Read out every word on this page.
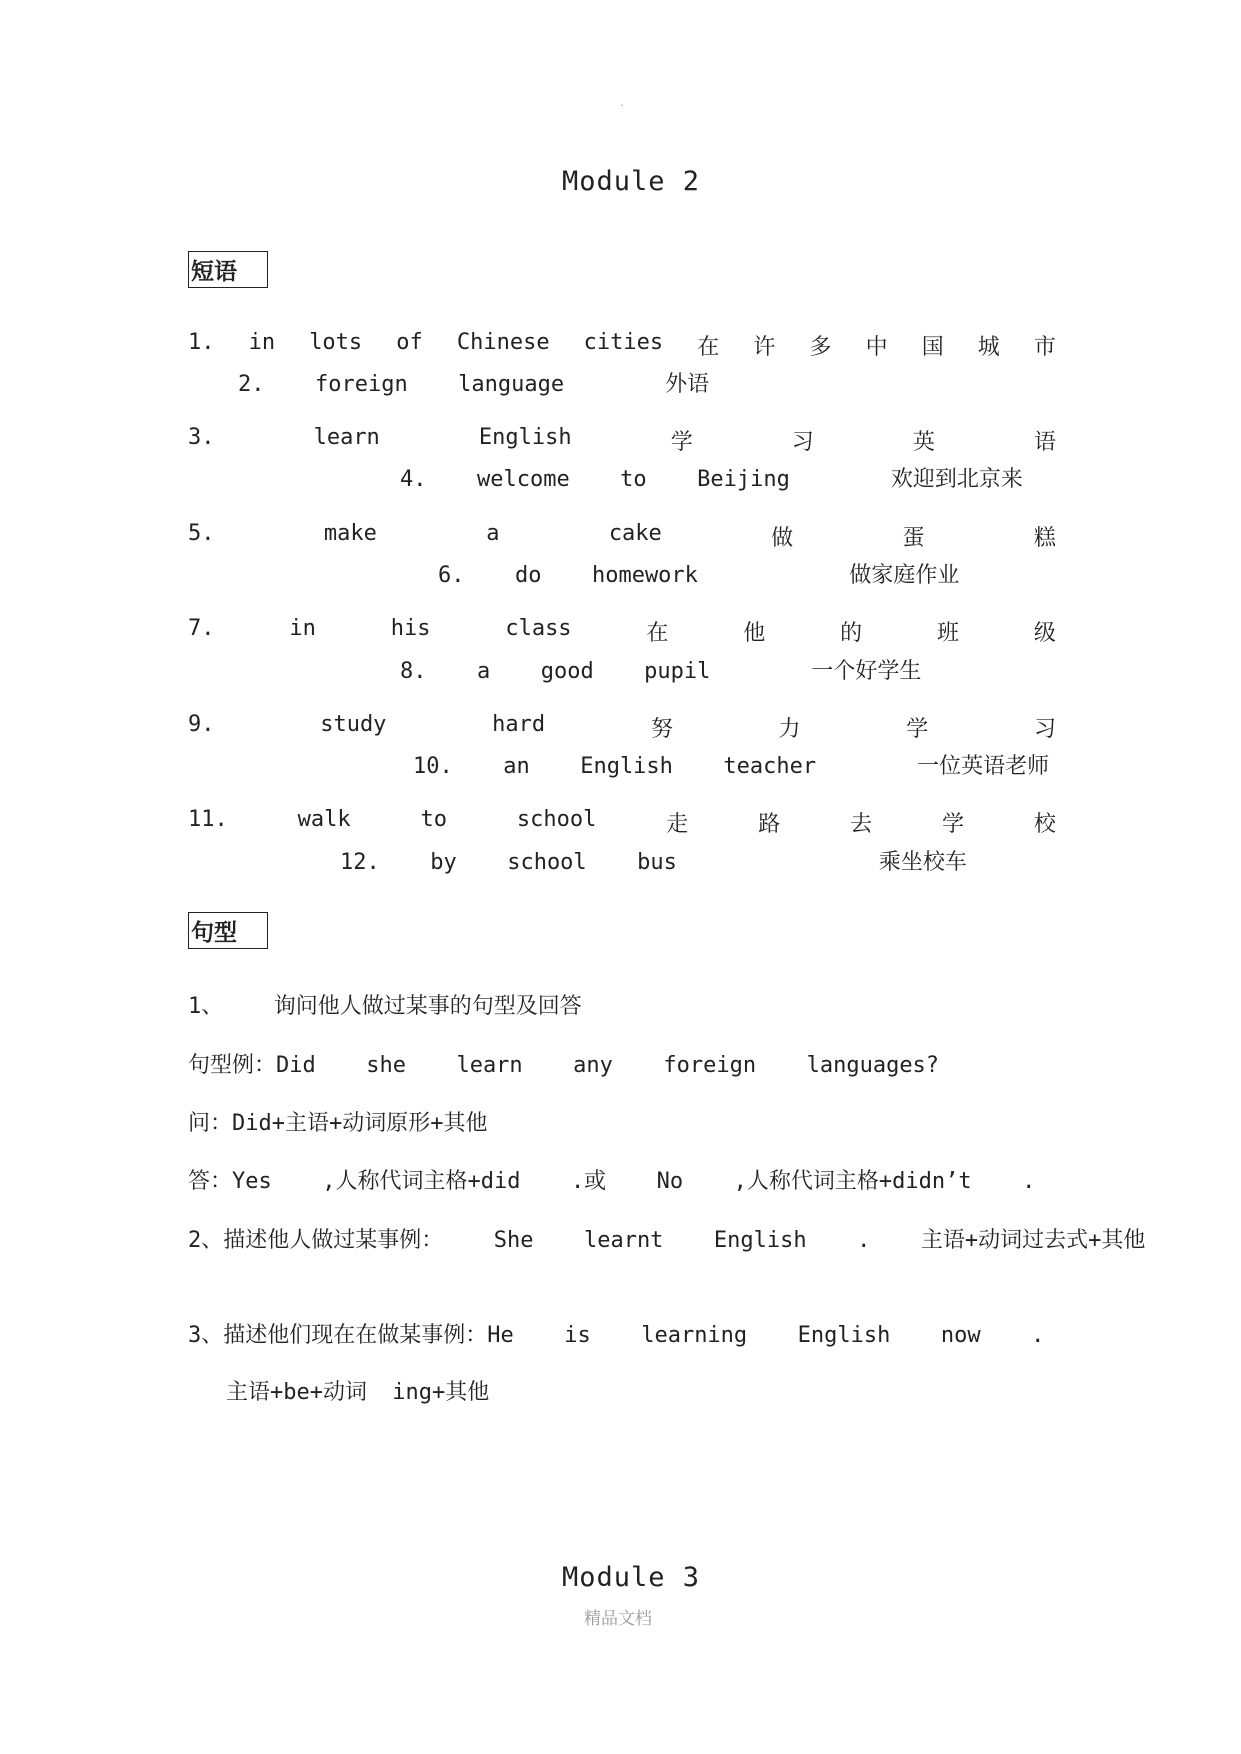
.
Module 2
短语
1. in lots of Chinese cities 在 许 多 中 国 城 市
2.  foreign  language    外语
3.	learn	English	学	习	英	语
4.  welcome  to  Beijing    欢迎到北京来
5.	make	a	cake	做	蛋	糕
6.  do  homework      做家庭作业
7.	in	his	class	在	他	的	班	级
8.  a  good  pupil    一个好学生
9.	study	hard	努	力	学	习
10.  an  English  teacher    一位英语老师
11.	walk	to	school	走	路	去	学	校
12.  by  school  bus        乘坐校车
句型
1、  询问他人做过某事的句型及回答
句型例：Did  she  learn  any  foreign  languages?
问：Did+主语+动词原形+其他
答：Yes  ,人称代词主格+did  .或  No  ,人称代词主格+didn’t  .
2、描述他人做过某事例：  She  learnt  English  .  主语+动词过去式+其他
3、描述他们现在在做某事例：He  is  learning  English  now  .
主语+be+动词 ing+其他
Module 3
精品文档
